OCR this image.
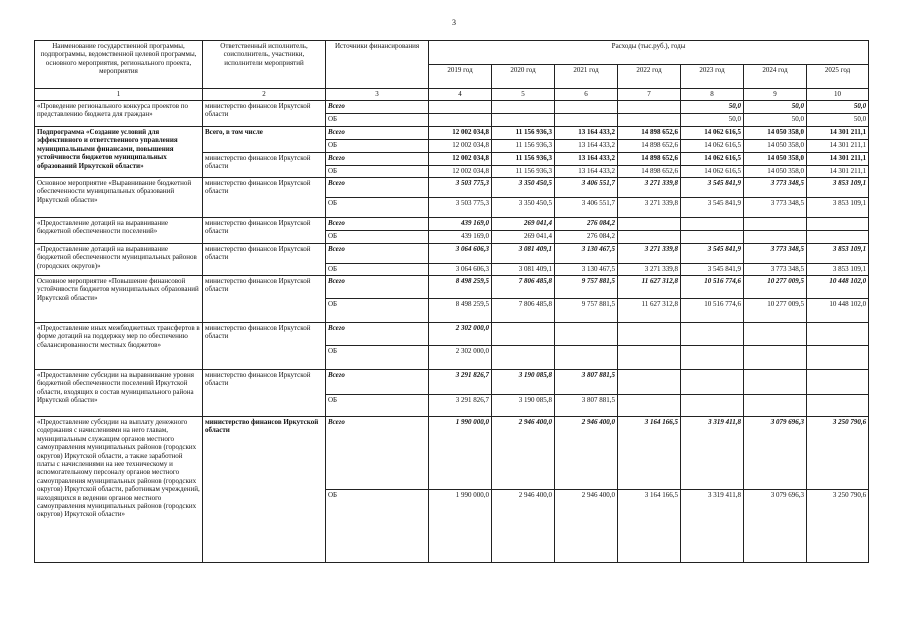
3
Наименование государственной программы, подпрограммы, ведомственной целевой программы, основного мероприятия, регионального проекта, мероприятия	Ответственный исполнитель, соисполнитель, участники, исполнители мероприятий	Источники финансирования	Расходы (тыс.руб.), годы						
			2019 год	2020 год	2021 год	2022 год	2023 год	2024 год	2025 год
1	2	3	4	5	6	7	8	9	10
«Проведение регионального конкурса проектов по представлению бюджета для граждан»	министерство финансов Иркутской области	Всего					50,0	50,0	50,0
		ОБ					50,0	50,0	50,0
Подпрограмма «Создание условий для эффективного и ответственного управления муниципальными финансами, повышения устойчивости бюджетов муниципальных образований Иркутской области»	Всего, в том числе	Всего	12 002 034,8	11 156 936,3	13 164 433,2	14 898 652,6	14 062 616,5	14 050 358,0	14 301 211,1
		ОБ	12 002 034,8	11 156 936,3	13 164 433,2	14 898 652,6	14 062 616,5	14 050 358,0	14 301 211,1
	министерство финансов Иркутской области	Всего	12 002 034,8	11 156 936,3	13 164 433,2	14 898 652,6	14 062 616,5	14 050 358,0	14 301 211,1
		ОБ	12 002 034,8	11 156 936,3	13 164 433,2	14 898 652,6	14 062 616,5	14 050 358,0	14 301 211,1
Основное мероприятие «Выравнивание бюджетной обеспеченности муниципальных образований Иркутской области»	министерство финансов Иркутской области	Всего	3 503 775,3	3 350 450,5	3 406 551,7	3 271 339,8	3 545 841,9	3 773 348,5	3 853 109,1
		ОБ	3 503 775,3	3 350 450,5	3 406 551,7	3 271 339,8	3 545 841,9	3 773 348,5	3 853 109,1
«Предоставление дотаций на выравнивание бюджетной обеспеченности поселений»	министерство финансов Иркутской области	Всего	439 169,0	269 041,4	276 084,2				
		ОБ	439 169,0	269 041,4	276 084,2				
«Предоставление дотаций на выравнивание бюджетной обеспеченности муниципальных районов (городских округов)»	министерство финансов Иркутской области	Всего	3 064 606,3	3 081 409,1	3 130 467,5	3 271 339,8	3 545 841,9	3 773 348,5	3 853 109,1
		ОБ	3 064 606,3	3 081 409,1	3 130 467,5	3 271 339,8	3 545 841,9	3 773 348,5	3 853 109,1
Основное мероприятие «Повышение финансовой устойчивости бюджетов муниципальных образований Иркутской области»	министерство финансов Иркутской области	Всего	8 498 259,5	7 806 485,8	9 757 881,5	11 627 312,8	10 516 774,6	10 277 009,5	10 448 102,0
		ОБ	8 498 259,5	7 806 485,8	9 757 881,5	11 627 312,8	10 516 774,6	10 277 009,5	10 448 102,0
«Предоставление иных межбюджетных трансфертов в форме дотаций на поддержку мер по обеспечению сбалансированности местных бюджетов»	министерство финансов Иркутской области	Всего	2 302 000,0						
		ОБ	2 302 000,0						
«Предоставление субсидии на выравнивание уровня бюджетной обеспеченности поселений Иркутской области, входящих в состав муниципального района Иркутской области»	министерство финансов Иркутской области	Всего	3 291 826,7	3 190 085,8	3 807 881,5				
		ОБ	3 291 826,7	3 190 085,8	3 807 881,5				
«Предоставление субсидии на выплату денежного содержания с начислениями на него главам, муниципальным служащим органов местного самоуправления муниципальных районов (городских округов) Иркутской области, а также заработной платы с начислениями на нее техническому и вспомогательному персоналу органов местного самоуправления муниципальных районов (городских округов) Иркутской области, работникам учреждений, находящихся в ведении органов местного самоуправления муниципальных районов (городских округов) Иркутской области»	министерство финансов Иркутской области	Всего	1 990 000,0	2 946 400,0	2 946 400,0	3 164 166,5	3 319 411,8	3 079 696,3	3 250 790,6
		ОБ	1 990 000,0	2 946 400,0	2 946 400,0	3 164 166,5	3 319 411,8	3 079 696,3	3 250 790,6
